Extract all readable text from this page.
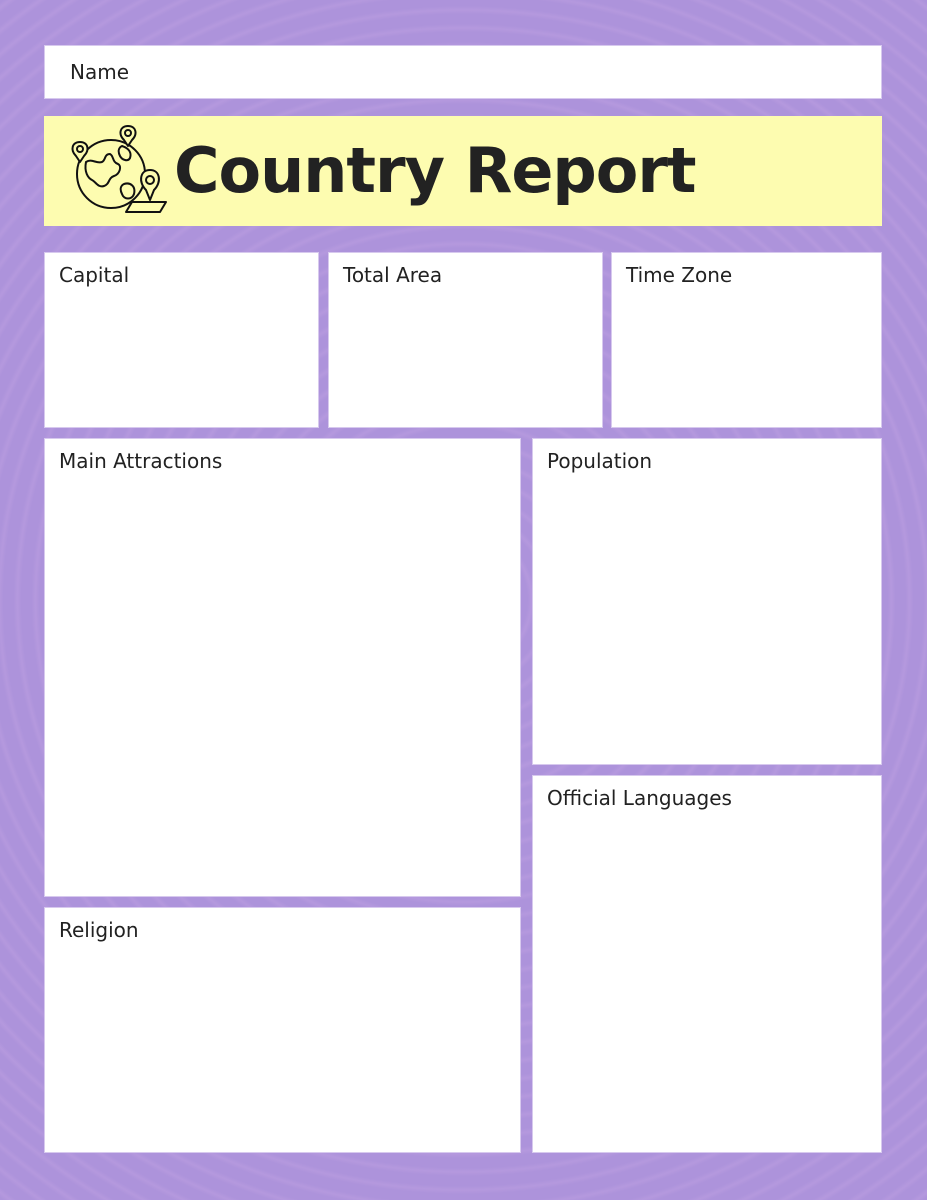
Name
Country Report
Capital	Total Area	Time Zone
Main Attractions	Population
Religion
Official Languages
